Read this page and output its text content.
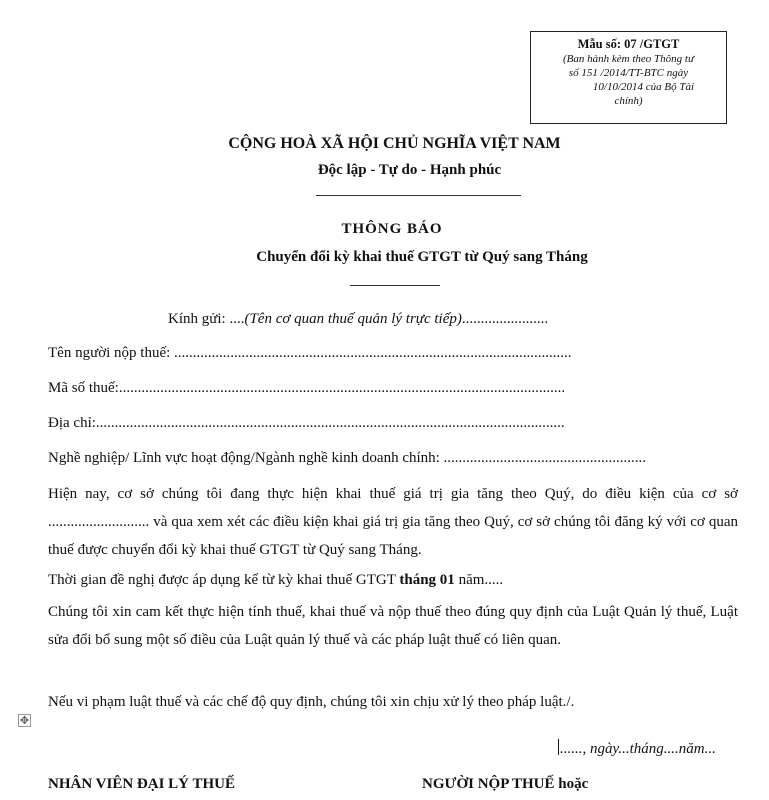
Mẫu số: 07 /GTGT
(Ban hành kèm theo Thông tư
số 151 /2014/TT-BTC ngày
10/10/2014 của Bộ Tài
chính)
CỘNG HOÀ XÃ HỘI CHỦ NGHĨA VIỆT NAM
Độc lập - Tự do - Hạnh phúc
THÔNG BÁO
Chuyển đổi kỳ khai thuế GTGT từ Quý sang Tháng
Kính gửi: ....(Tên cơ quan thuế quản lý trực tiếp).......................
Tên người nộp thuế: ..........................................................................................................
Mã số thuế:.......................................................................................................................
Địa chỉ:.............................................................................................................................
Nghề nghiệp/ Lĩnh vực hoạt động/Ngành nghề kinh doanh chính: ......................................................
Hiện nay, cơ sở chúng tôi đang thực hiện khai thuế giá trị gia tăng theo Quý, do điều kiện của cơ sở ........................... và qua xem xét các điều kiện khai giá trị gia tăng theo Quý, cơ sở chúng tôi đăng ký với cơ quan thuế được chuyển đổi kỳ khai thuế GTGT từ Quý sang Tháng.
Thời gian đề nghị được áp dụng kể từ kỳ khai thuế GTGT tháng 01 năm.....
Chúng tôi xin cam kết thực hiện tính thuế, khai thuế và nộp thuế theo đúng quy định của Luật Quản lý thuế, Luật sửa đổi bổ sung một số điều của Luật quản lý thuế và các pháp luật thuế có liên quan.
Nếu vi phạm luật thuế và các chế độ quy định, chúng tôi xin chịu xử lý theo pháp luật./.
✥
......, ngày...tháng....năm...
NHÂN VIÊN ĐẠI LÝ THUẾ	NGƯỜI NỘP THUẾ hoặc
